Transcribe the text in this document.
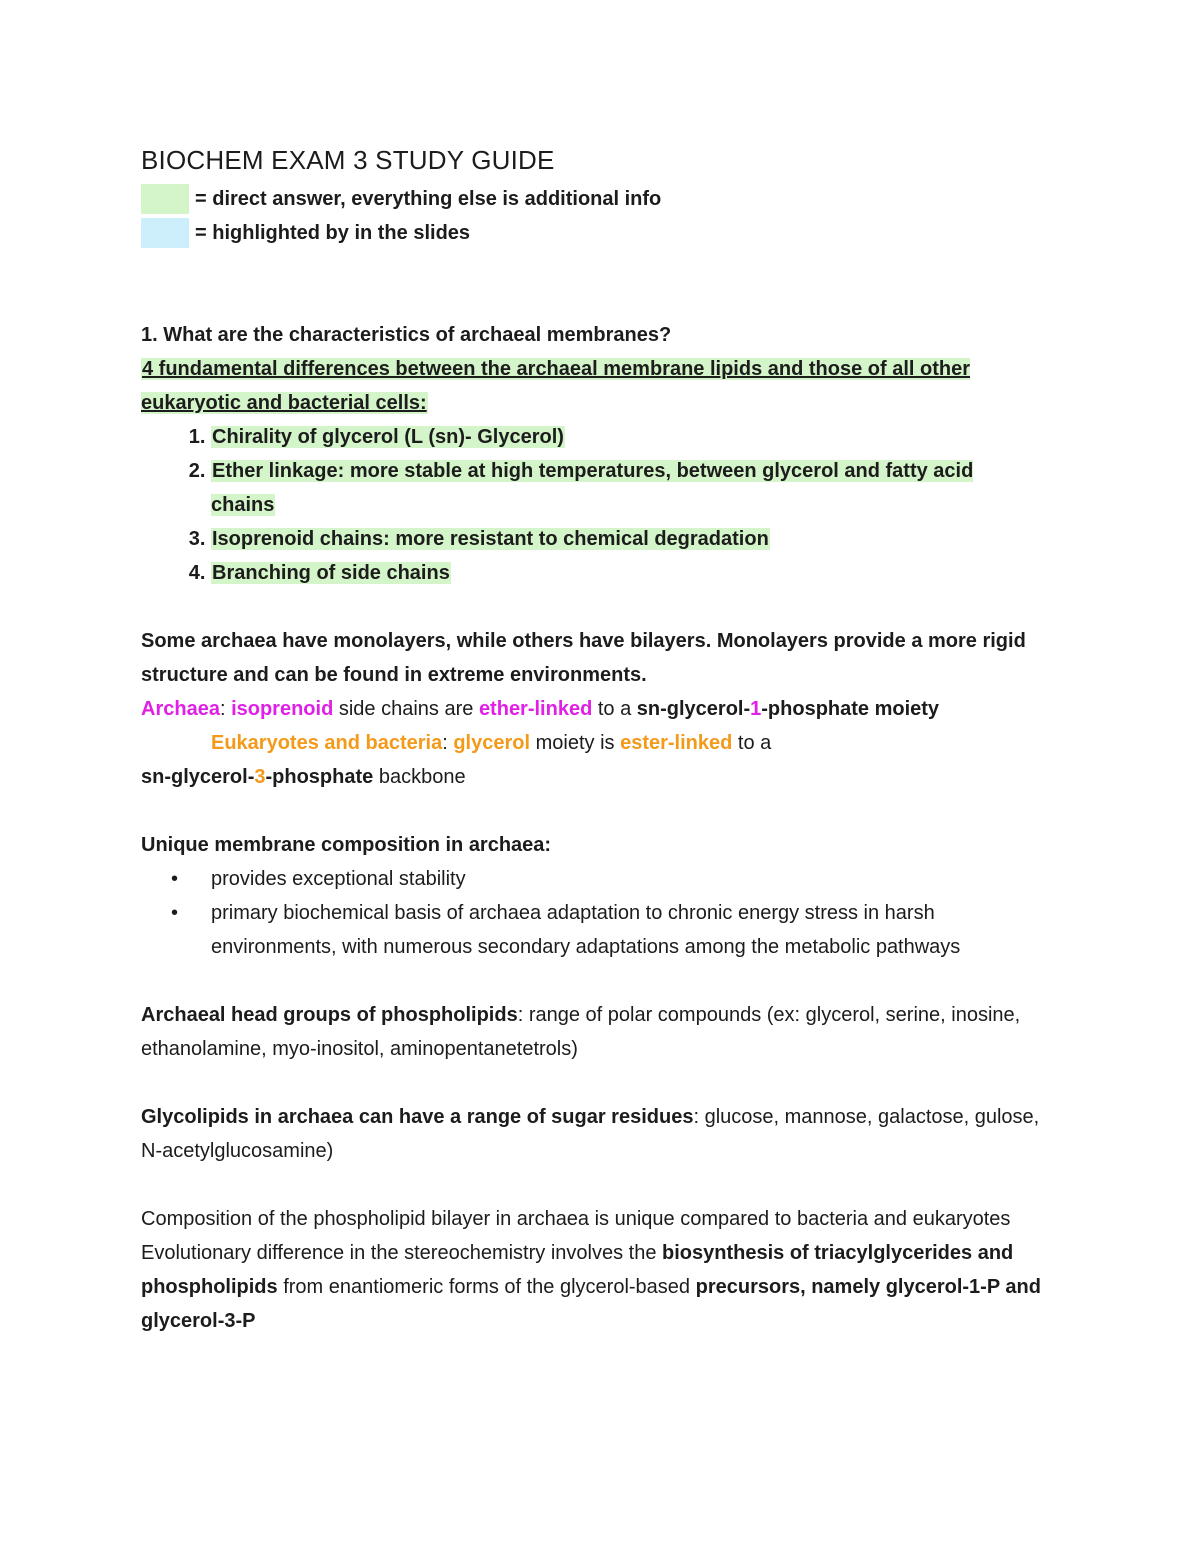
BIOCHEM EXAM 3 STUDY GUIDE
= direct answer, everything else is additional info
= highlighted by in the slides

1. What are the characteristics of archaeal membranes?

4 fundamental differences between the archaeal membrane lipids and those of all other eukaryotic and bacterial cells:

1. Chirality of glycerol (L (sn)- Glycerol)
2. Ether linkage: more stable at high temperatures, between glycerol and fatty acid chains
3. Isoprenoid chains: more resistant to chemical degradation
4. Branching of side chains

Some archaea have monolayers, while others have bilayers. Monolayers provide a more rigid structure and can be found in extreme environments.

Archaea: isoprenoid side chains are ether-linked to a sn-glycerol-1-phosphate moiety

Eukaryotes and bacteria: glycerol moiety is ester-linked to a

sn-glycerol-3-phosphate backbone

Unique membrane composition in archaea:

• provides exceptional stability
• primary biochemical basis of archaea adaptation to chronic energy stress in harsh environments, with numerous secondary adaptations among the metabolic pathways

Archaeal head groups of phospholipids: range of polar compounds (ex: glycerol, serine, inosine, ethanolamine, myo-inositol, aminopentanetetrols)

Glycolipids in archaea can have a range of sugar residues: glucose, mannose, galactose, gulose, N-acetylglucosamine)

Composition of the phospholipid bilayer in archaea is unique compared to bacteria and eukaryotes

Evolutionary difference in the stereochemistry involves the biosynthesis of triacylglycerides and phospholipids from enantiomeric forms of the glycerol-based precursors, namely glycerol-1-P and glycerol-3-P
